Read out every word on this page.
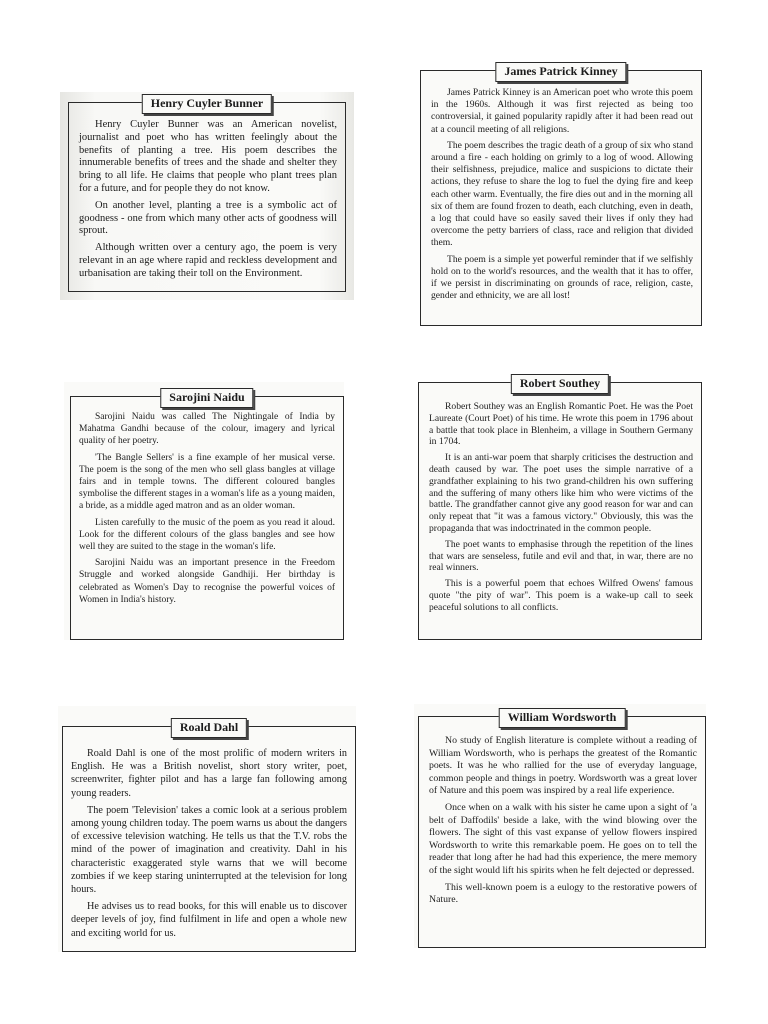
Henry Cuyler Bunner

Henry Cuyler Bunner was an American novelist, journalist and poet who has written feelingly about the benefits of planting a tree. His poem describes the innumerable benefits of trees and the shade and shelter they bring to all life. He claims that people who plant trees plan for a future, and for people they do not know.

On another level, planting a tree is a symbolic act of goodness - one from which many other acts of goodness will sprout.

Although written over a century ago, the poem is very relevant in an age where rapid and reckless development and urbanisation are taking their toll on the Environment.

James Patrick Kinney

James Patrick Kinney is an American poet who wrote this poem in the 1960s. Although it was first rejected as being too controversial, it gained popularity rapidly after it had been read out at a council meeting of all religions.

The poem describes the tragic death of a group of six who stand around a fire - each holding on grimly to a log of wood. Allowing their selfishness, prejudice, malice and suspicions to dictate their actions, they refuse to share the log to fuel the dying fire and keep each other warm. Eventually, the fire dies out and in the morning all six of them are found frozen to death, each clutching, even in death, a log that could have so easily saved their lives if only they had overcome the petty barriers of class, race and religion that divided them.

The poem is a simple yet powerful reminder that if we selfishly hold on to the world's resources, and the wealth that it has to offer, if we persist in discriminating on grounds of race, religion, caste, gender and ethnicity, we are all lost!

Sarojini Naidu

Sarojini Naidu was called The Nightingale of India by Mahatma Gandhi because of the colour, imagery and lyrical quality of her poetry.

'The Bangle Sellers' is a fine example of her musical verse. The poem is the song of the men who sell glass bangles at village fairs and in temple towns. The different coloured bangles symbolise the different stages in a woman's life as a young maiden, a bride, as a middle aged matron and as an older woman.

Listen carefully to the music of the poem as you read it aloud. Look for the different colours of the glass bangles and see how well they are suited to the stage in the woman's life.

Sarojini Naidu was an important presence in the Freedom Struggle and worked alongside Gandhiji. Her birthday is celebrated as Women's Day to recognise the powerful voices of Women in India's history.

Robert Southey

Robert Southey was an English Romantic Poet. He was the Poet Laureate (Court Poet) of his time. He wrote this poem in 1796 about a battle that took place in Blenheim, a village in Southern Germany in 1704.

It is an anti-war poem that sharply criticises the destruction and death caused by war. The poet uses the simple narrative of a grandfather explaining to his two grand-children his own suffering and the suffering of many others like him who were victims of the battle. The grandfather cannot give any good reason for war and can only repeat that "it was a famous victory." Obviously, this was the propaganda that was indoctrinated in the common people.

The poet wants to emphasise through the repetition of the lines that wars are senseless, futile and evil and that, in war, there are no real winners.

This is a powerful poem that echoes Wilfred Owens' famous quote "the pity of war". This poem is a wake-up call to seek peaceful solutions to all conflicts.

Roald Dahl

Roald Dahl is one of the most prolific of modern writers in English. He was a British novelist, short story writer, poet, screenwriter, fighter pilot and has a large fan following among young readers.

The poem 'Television' takes a comic look at a serious problem among young children today. The poem warns us about the dangers of excessive television watching. He tells us that the T.V. robs the mind of the power of imagination and creativity. Dahl in his characteristic exaggerated style warns that we will become zombies if we keep staring uninterrupted at the television for long hours.

He advises us to read books, for this will enable us to discover deeper levels of joy, find fulfilment in life and open a whole new and exciting world for us.

William Wordsworth

No study of English literature is complete without a reading of William Wordsworth, who is perhaps the greatest of the Romantic poets. It was he who rallied for the use of everyday language, common people and things in poetry. Wordsworth was a great lover of Nature and this poem was inspired by a real life experience.

Once when on a walk with his sister he came upon a sight of 'a belt of Daffodils' beside a lake, with the wind blowing over the flowers. The sight of this vast expanse of yellow flowers inspired Wordsworth to write this remarkable poem. He goes on to tell the reader that long after he had had this experience, the mere memory of the sight would lift his spirits when he felt dejected or depressed.

This well-known poem is a eulogy to the restorative powers of Nature.
